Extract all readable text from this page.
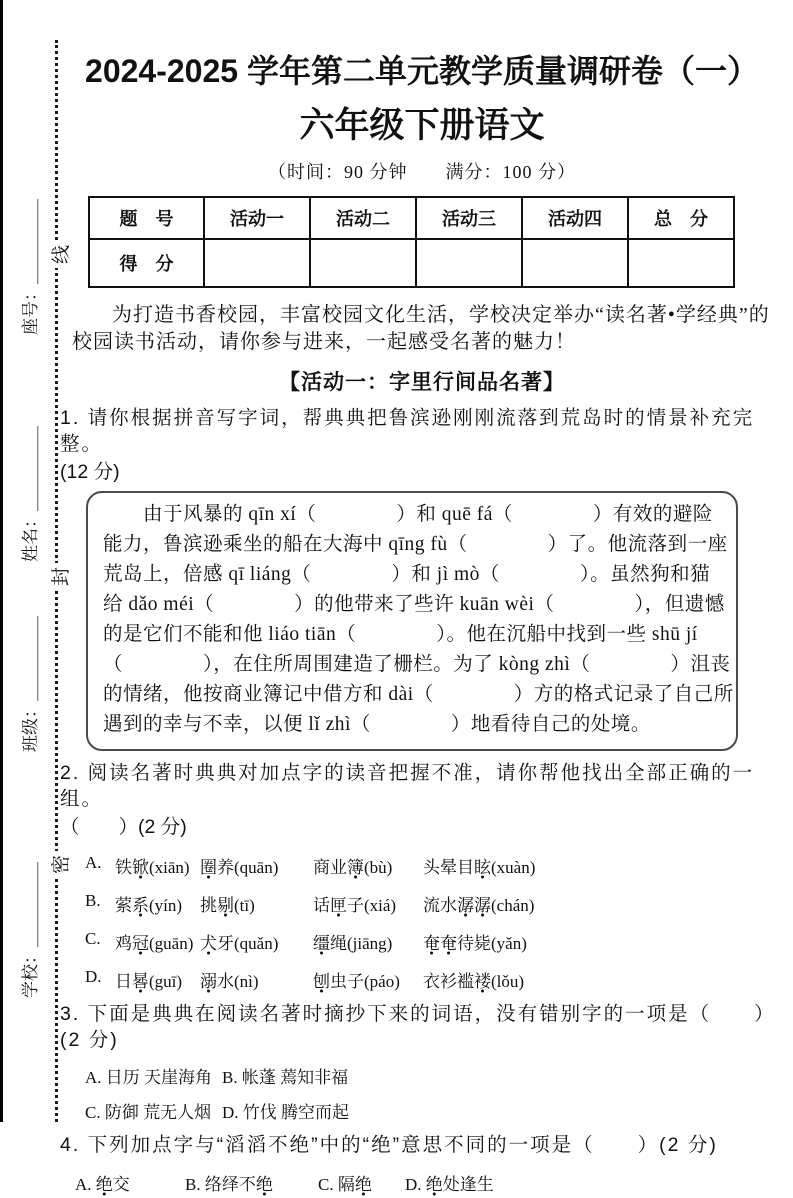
座号：＿＿＿＿＿
姓名：＿＿＿＿＿
班级：＿＿＿＿＿
学校：＿＿＿＿＿
线
封
密
2024-2025 学年第二单元教学质量调研卷（一）
六年级下册语文
（时间：90 分钟　　满分：100 分）
题　号	活动一	活动二	活动三	活动四	总　分
得　分					

为打造书香校园，丰富校园文化生活，学校决定举办“读名著•学经典”的校园读书活动，请你参与进来，一起感受名著的魅力！

【活动一：字里行间品名著】
1. 请你根据拼音写字词，帮典典把鲁滨逊刚刚流落到荒岛时的情景补充完整。
(12 分)
　　由于风暴的 qīn xí（　　　　）和 quē fá（　　　　）有效的避险
能力，鲁滨逊乘坐的船在大海中 qīng fù（　　　　）了。他流落到一座
荒岛上，倍感 qī liáng（　　　　）和 jì mò（　　　　）。虽然狗和猫
给 dǎo méi（　　　　）的他带来了些许 kuān wèi（　　　　），但遗憾
的是它们不能和他 liáo tiān（　　　　）。他在沉船中找到一些 shū jí
（　　　　），在住所周围建造了栅栏。为了 kòng zhì（　　　　）沮丧
的情绪，他按商业簿记中借方和 dài（　　　　）方的格式记录了自己所
遇到的幸与不幸，以便 lǐ zhì（　　　　）地看待自己的处境。
2. 阅读名著时典典对加点字的读音把握不准，请你帮他找出全部正确的一组。
（　　）(2 分)
A. 铁锨 ●(xiān) 圈 ●养(quān)	商业簿 ●(bù)	头晕目眩 ●(xuàn)
B. 萦系 ●(yín)	挑剔 ●(tī)	话匣 ●子(xiá)	流水潺 ●潺 ●(chán)
C. 鸡冠 ●(guān) 犬 ●牙(quǎn)	缰 ●绳(jiāng)	奄 ●奄 ●待毙(yǎn)
D. 日晷 ●(guī)	溺 ●水(nì)	刨 ●虫子(páo)	衣衫褴褛 ●(lǒu)
3. 下面是典典在阅读名著时摘抄下来的词语，没有错别字的一项是（　　）(2 分)
A. 日历 天崖海角 B. 帐蓬 蔫知非福
C. 防御 荒无人烟 D. 竹伐 腾空而起
4. 下列加点字与“滔滔不绝”中的“绝”意思不同的一项是（　　）(2 分)
A. 绝 ●交	B. 络绎不绝 ●	C. 隔绝 ●	D. 绝 ●处逢生
